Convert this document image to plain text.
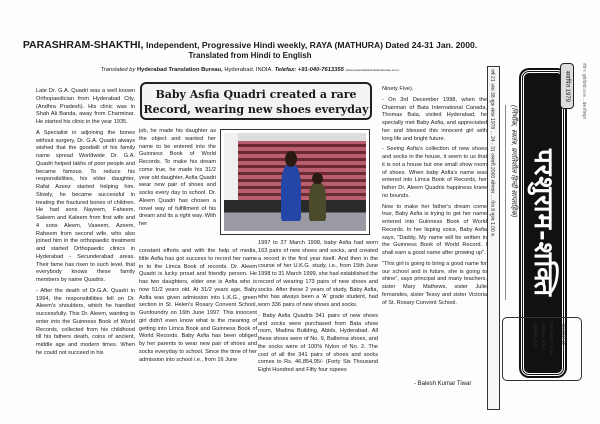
PARASHRAM-SHAKTHI, Independent, Progressive Hindi weekly, RAYA (MATHURA) Dated 24-31 Jan. 2000.
Translated from Hindi to English
Translated by Hyderabad Translation Bureau, Hyderabad. INDIA. Telefax: +91-040-7613355 (www.hyderabadtranslationbureau.com.)

Late Dr. G.A. Quadri was a well known Orthopaedician from Hyderabad City, (Andhra Pradesh). His clinic was in Shah Ali Banda, away from Charminar. He started his clinic in the year 1935.

A Specialist in adjoining the bones without surgery, Dr. G.A. Quadri always wished that the goodwill of his family name spread Worldwide Dr. G.A. Quadri helped lakhs of poor people and became famous. To reduce his responsibilities, his elder daughter, Rafat Azeez started helping him. Slowly, he became successful in treating the fractured bones of children. He had sons Nayeem, Faheem, Saleem and Kaleem from first wife and 4 sons Aleem, Vaseem, Azeem, Raheem from second wife, who also joined him in the orthopaedic treatment and started Orthopaedic clinics in Hyderabad - Secunderabad areas. Their fame has risen to such level, that everybody knows these family members by name Quadris.

- After the death of Dr.G.A. Quadri in 1994, the responsibilities fell on Dr. Aleem's shoulders, which he handled successfully. This Dr. Aleem, wanting to enter into the Guinness Book of World Records, collected from his childhood till his fathers death, coins of ancient, middle age and modern times. When he could not succeed in his

Baby Asfia Quadri created a rare
Record, wearing new shoes everyday

job, he made his daughter as the object and wanted her name to be entered into the Guinness Book of World Records. To make his dream come true, he made his 31/2 year old daughter, Asfia Quadri wear new pair of shoes and socks every day to school. Dr. Aleem Quadri has chosen a novel way of fulfillment of his dream and its a right way. With her

constant efforts and with the help of media, little Asfia has got success to record her name in to the Limca Book of records. Dr. Aleem Quadri is lucky proud and friendly person. He has two daughters, elder one is Asfia who is now 51/2 years old. At 31/2 years age, Baby Asfia was given admission into L.K.G., green section in St. Helen's Rosary Convent School, Gunfoundry on 16th June 1997. This innocent girl didn't even know what is the meaning of getting into Limca Book and Guinness Book of World Records. Baby Asfia has been obliged by her parents to wear new pair of shoes and socks everyday to school. Since the time of her admission into school i.e., from 16 June

1997 to 27 March 1998, baby Asfia had worn 163 pairs of new shoes and socks, and created a record in the first year itself. And then in the course of her U.K.G. study, i.e., from 15th June 1998 to 31 March 1999, she had established the record of wearing 173 pairs of new shoes and socks. After these 2 years of study, Baby Asfia, who has always been a 'A' grade student, had worn 336 pairs of new shoes and socks.

- Baby Asfia Quadris 341 pairs of new shoes and socks were purchased from Bata show room, Madina Building, Abids, Hyderabad. All these shoes were of No. 9, Ballerina shoes, and the socks were of 100% Nylon of No. 2. The cost of all the 341 pairs of shoes and socks comes to Rs. 46,854,95/- (Forty Six Thousand Eight Hundred and Fifty four rupees

Ninety Five).

- On 3rd December 1998, when the Chairman of Bata International Canada, Thomas Bata, visited Hyderabad, he specially met Baby Asfia, and appreciated her and blessed this innocent girl with long life and bright future.

- Seeing Asfia's collection of new shoes and socks in the house, it seem to us that it is not a house but one small show room of shoes. When baby Asfia's name was entered into Limca Book of Records, her father Dr. Aleem Quadris happiness knew no bounds.

Now to make her father's dream come true, Baby Asfia is trying to get her name entered into Guinness Book of World Records. In her lisping voice, Baby Asfia says, "Daddy, My name will be written in the Guinness Book of World Record. I shall earn a good name after growing up".

"This girl is going to bring a good name for our school and in future, she is going to shine", says principal and many teachers, sister Mary Mathews, sister Julie fernandes, sister Tessy and sister Victoria of St. Rosary Convent School.

- Balesh Kumar Tiwar
वर्ष 21 अंक 38 शुक्र संवत 1978 ... 24 - 31 जनवरी 2000 सोमवार ... पेज 8 मूल्य 1.00 रु.	(निर्भीक, स्वतंत्र, प्रगतिशील हिन्दी साप्ताहिक) परशुराम-शक्ति
स्थापित 1979	रजि नं. यूपी/हिन्दी/1978 ... प्रेस रजिस्ट्रार
Member of:-
INS, ABIEC, ILNA,
AISNNA, ISNA,
AISMNF, PUJI
